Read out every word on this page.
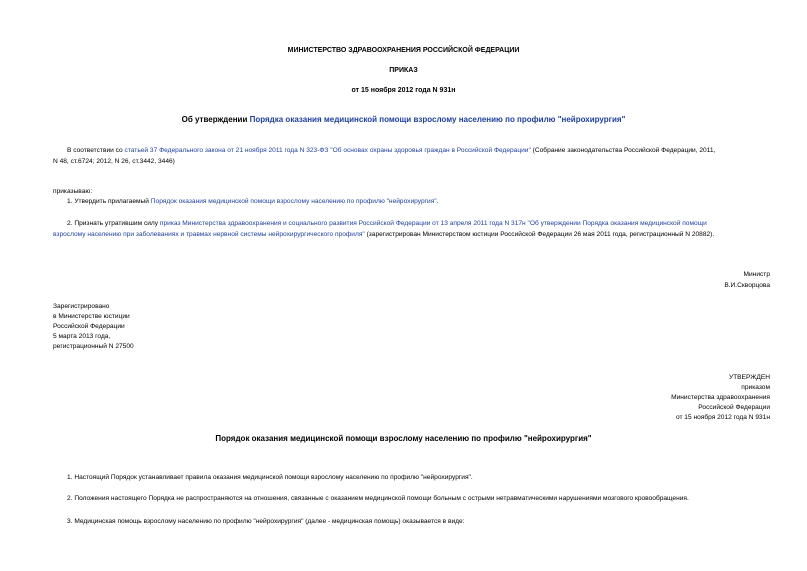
МИНИСТЕРСТВО ЗДРАВООХРАНЕНИЯ РОССИЙСКОЙ ФЕДЕРАЦИИ
ПРИКАЗ
от 15 ноября 2012 года N 931н
Об утверждении Порядка оказания медицинской помощи взрослому населению по профилю "нейрохирургия"
В соответствии со статьей 37 Федерального закона от 21 ноября 2011 года N 323-ФЗ "Об основах охраны здоровья граждан в Российской Федерации" (Собрание законодательства Российской Федерации, 2011,
N 48, ст.6724; 2012, N 26, ст.3442, 3446)
приказываю:
1. Утвердить прилагаемый Порядок оказания медицинской помощи взрослому населению по профилю "нейрохирургия".
2. Признать утратившим силу приказ Министерства здравоохранения и социального развития Российской Федерации от 13 апреля 2011 года N 317н "Об утверждении Порядка оказания медицинской помощи
взрослому населению при заболеваниях и травмах нервной системы нейрохирургического профиля" (зарегистрирован Министерством юстиции Российской Федерации 26 мая 2011 года, регистрационный N 20882).
Министр
В.И.Скворцова
Зарегистрировано
в Министерстве юстиции
Российской Федерации
5 марта 2013 года,
регистрационный N 27500
УТВЕРЖДЕН
приказом
Министерства здравоохранения
Российской Федерации
от 15 ноября 2012 года N 931н
Порядок оказания медицинской помощи взрослому населению по профилю "нейрохирургия"
1. Настоящий Порядок устанавливает правила оказания медицинской помощи взрослому населению по профилю "нейрохирургия".
2. Положения настоящего Порядка не распространяются на отношения, связанные с оказанием медицинской помощи больным с острыми нетравматическими нарушениями мозгового кровообращения.
3. Медицинская помощь взрослому населению по профилю "нейрохирургия" (далее - медицинская помощь) оказывается в виде:
